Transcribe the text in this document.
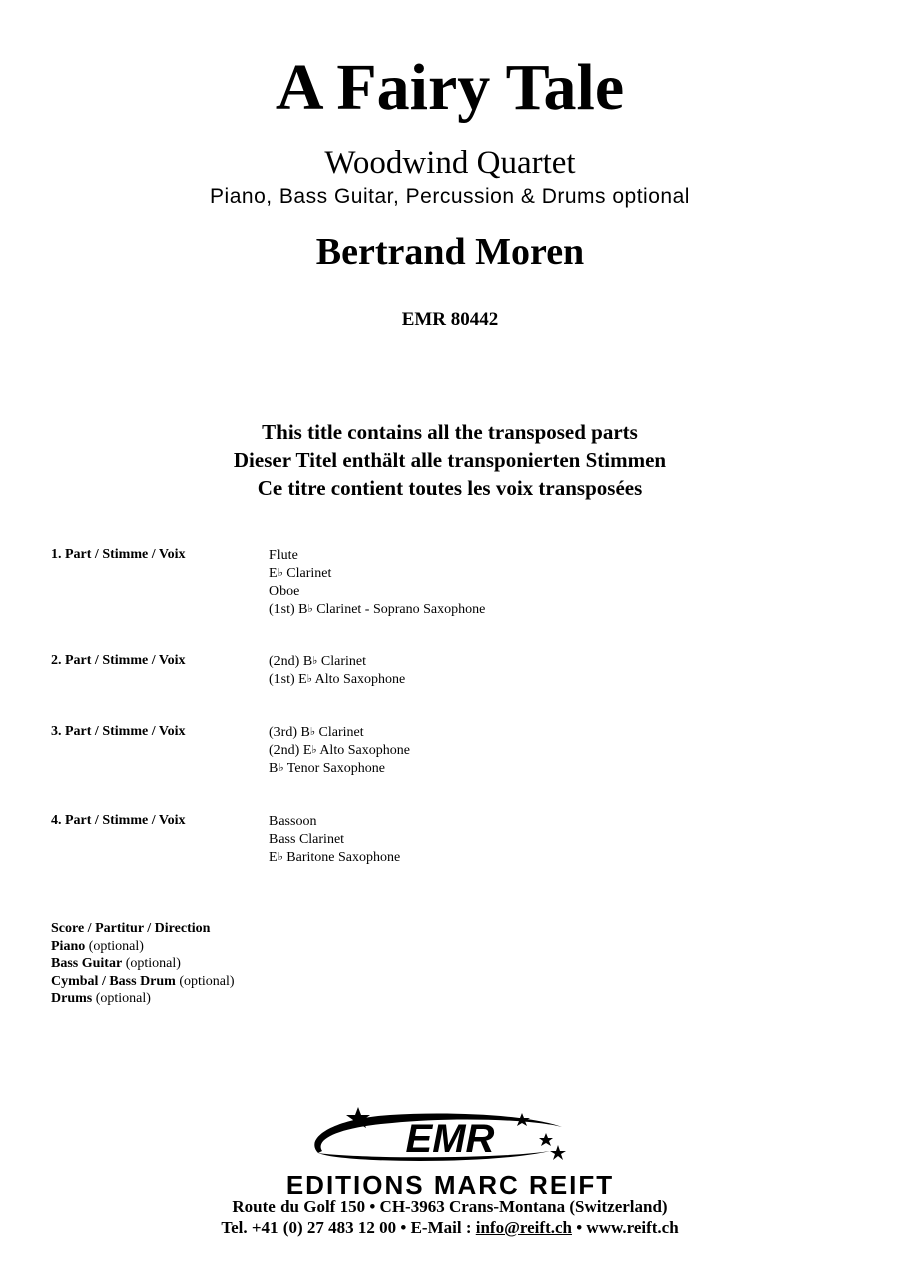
A Fairy Tale
Woodwind Quartet
Piano, Bass Guitar, Percussion & Drums optional
Bertrand Moren
EMR 80442
This title contains all the transposed parts
Dieser Titel enthält alle transponierten Stimmen
Ce titre contient toutes les voix transposées
1. Part / Stimme / Voix	Flute
E♭ Clarinet
Oboe
(1st) B♭ Clarinet - Soprano Saxophone
2. Part / Stimme / Voix	(2nd) B♭ Clarinet
(1st) E♭ Alto Saxophone
3. Part / Stimme / Voix	(3rd) B♭ Clarinet
(2nd) E♭ Alto Saxophone
B♭ Tenor Saxophone
4. Part / Stimme / Voix	Bassoon
Bass Clarinet
E♭ Baritone Saxophone
Score / Partitur / Direction
Piano (optional)
Bass Guitar (optional)
Cymbal / Bass Drum (optional)
Drums (optional)
EMR
EDITIONS MARC REIFT
Route du Golf 150 • CH-3963 Crans-Montana (Switzerland)
Tel. +41 (0) 27 483 12 00 • E-Mail : info@reift.ch • www.reift.ch
